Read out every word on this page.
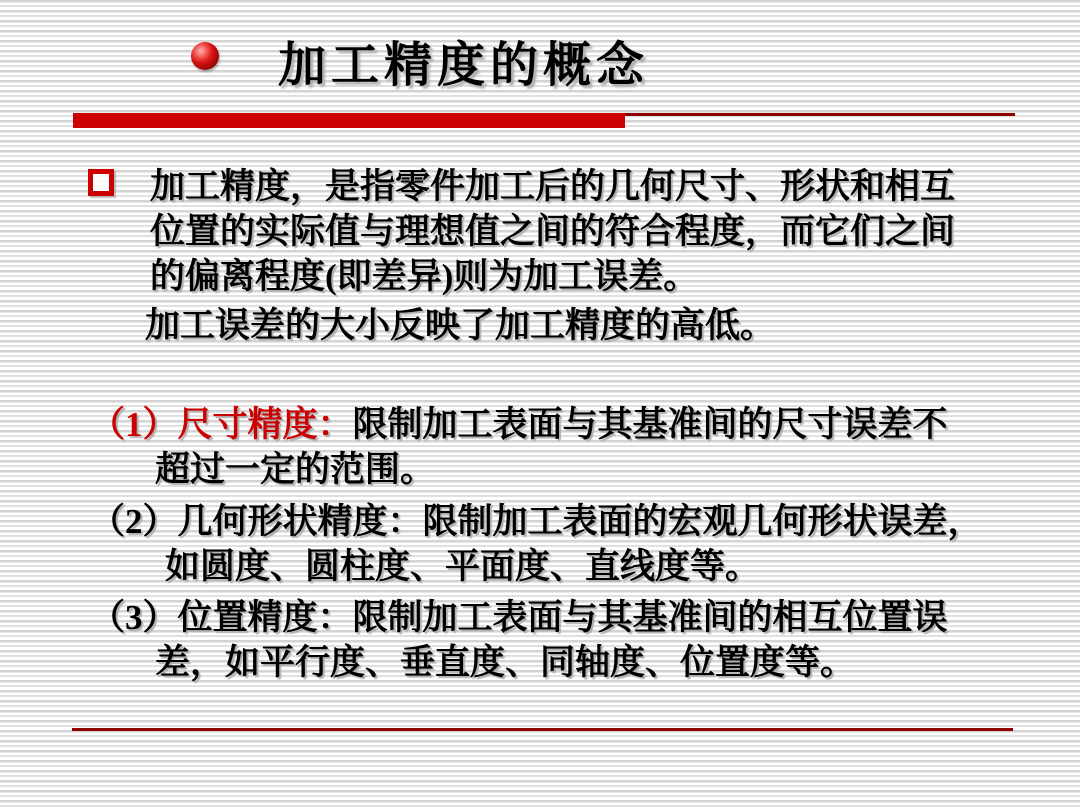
加工精度的概念
加工精度，是指零件加工后的几何尺寸、形状和相互
位置的实际值与理想值之间的符合程度，而它们之间
的偏离程度(即差异)则为加工误差。
加工误差的大小反映了加工精度的高低。
（1）尺寸精度：限制加工表面与其基准间的尺寸误差不
超过一定的范围。
（2）几何形状精度：限制加工表面的宏观几何形状误差，
如圆度、圆柱度、平面度、直线度等。
（3）位置精度：限制加工表面与其基准间的相互位置误
差，如平行度、垂直度、同轴度、位置度等。
